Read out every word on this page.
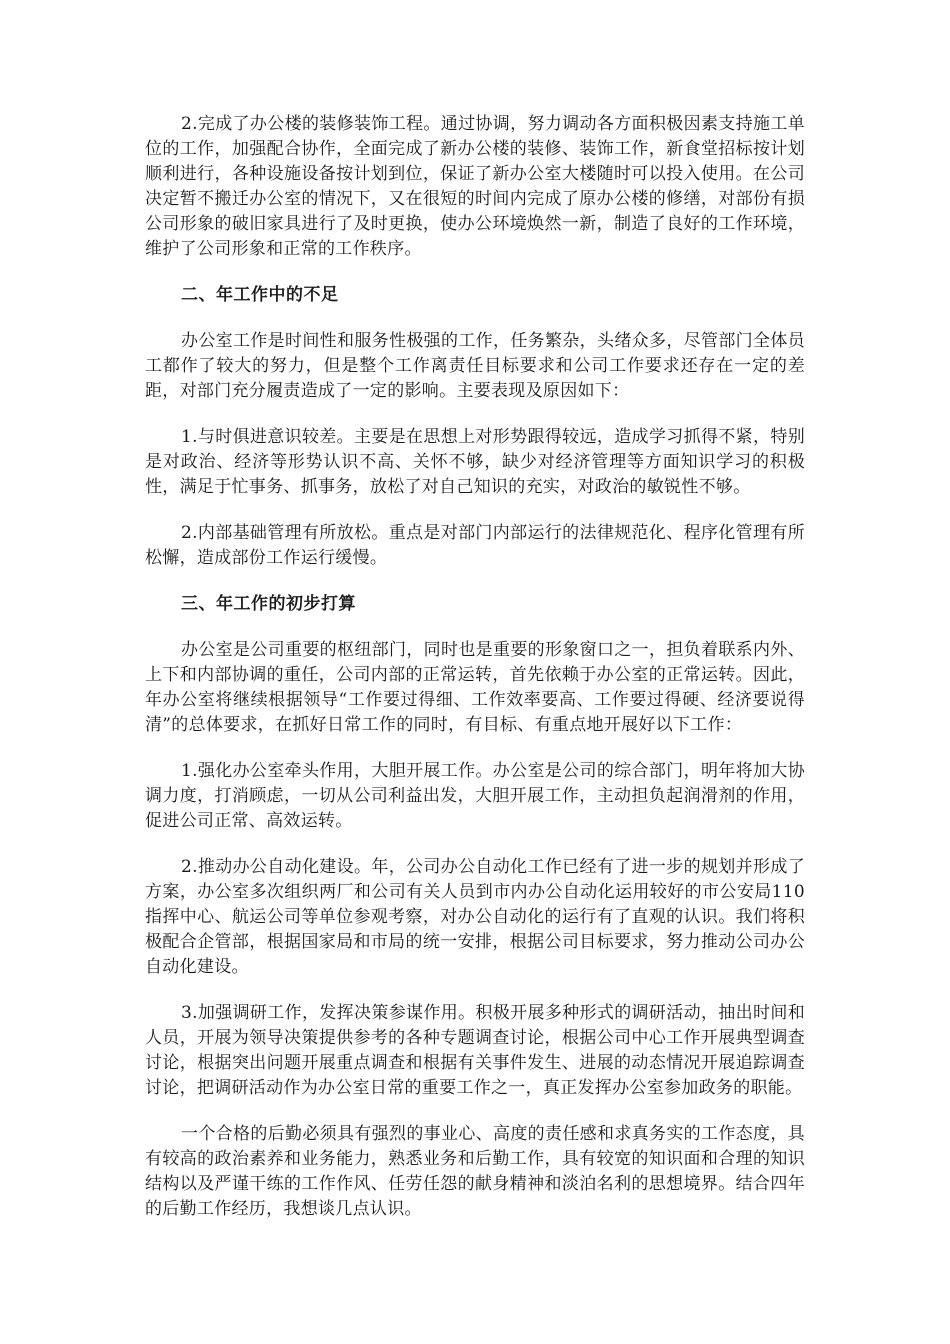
2.完成了办公楼的装修装饰工程。通过协调，努力调动各方面积极因素支持施工单位的工作，加强配合协作，全面完成了新办公楼的装修、装饰工作，新食堂招标按计划顺利进行，各种设施设备按计划到位，保证了新办公室大楼随时可以投入使用。在公司决定暂不搬迁办公室的情况下，又在很短的时间内完成了原办公楼的修缮，对部份有损公司形象的破旧家具进行了及时更换，使办公环境焕然一新，制造了良好的工作环境，维护了公司形象和正常的工作秩序。

二、年工作中的不足

办公室工作是时间性和服务性极强的工作，任务繁杂，头绪众多，尽管部门全体员工都作了较大的努力，但是整个工作离责任目标要求和公司工作要求还存在一定的差距，对部门充分履责造成了一定的影响。主要表现及原因如下：

1.与时俱进意识较差。主要是在思想上对形势跟得较远，造成学习抓得不紧，特别是对政治、经济等形势认识不高、关怀不够，缺少对经济管理等方面知识学习的积极性，满足于忙事务、抓事务，放松了对自己知识的充实，对政治的敏锐性不够。

2.内部基础管理有所放松。重点是对部门内部运行的法律规范化、程序化管理有所松懈，造成部份工作运行缓慢。

三、年工作的初步打算

办公室是公司重要的枢纽部门，同时也是重要的形象窗口之一，担负着联系内外、上下和内部协调的重任，公司内部的正常运转，首先依赖于办公室的正常运转。因此，年办公室将继续根据领导“工作要过得细、工作效率要高、工作要过得硬、经济要说得清”的总体要求，在抓好日常工作的同时，有目标、有重点地开展好以下工作：

1.强化办公室牵头作用，大胆开展工作。办公室是公司的综合部门，明年将加大协调力度，打消顾虑，一切从公司利益出发，大胆开展工作，主动担负起润滑剂的作用，促进公司正常、高效运转。

2.推动办公自动化建设。年，公司办公自动化工作已经有了进一步的规划并形成了方案，办公室多次组织两厂和公司有关人员到市内办公自动化运用较好的市公安局110指挥中心、航运公司等单位参观考察，对办公自动化的运行有了直观的认识。我们将积极配合企管部，根据国家局和市局的统一安排，根据公司目标要求，努力推动公司办公自动化建设。

3.加强调研工作，发挥决策参谋作用。积极开展多种形式的调研活动，抽出时间和人员，开展为领导决策提供参考的各种专题调查讨论，根据公司中心工作开展典型调查讨论，根据突出问题开展重点调查和根据有关事件发生、进展的动态情况开展追踪调查讨论，把调研活动作为办公室日常的重要工作之一，真正发挥办公室参加政务的职能。

一个合格的后勤必须具有强烈的事业心、高度的责任感和求真务实的工作态度，具有较高的政治素养和业务能力，熟悉业务和后勤工作，具有较宽的知识面和合理的知识结构以及严谨干练的工作作风、任劳任怨的献身精神和淡泊名利的思想境界。结合四年的后勤工作经历，我想谈几点认识。
